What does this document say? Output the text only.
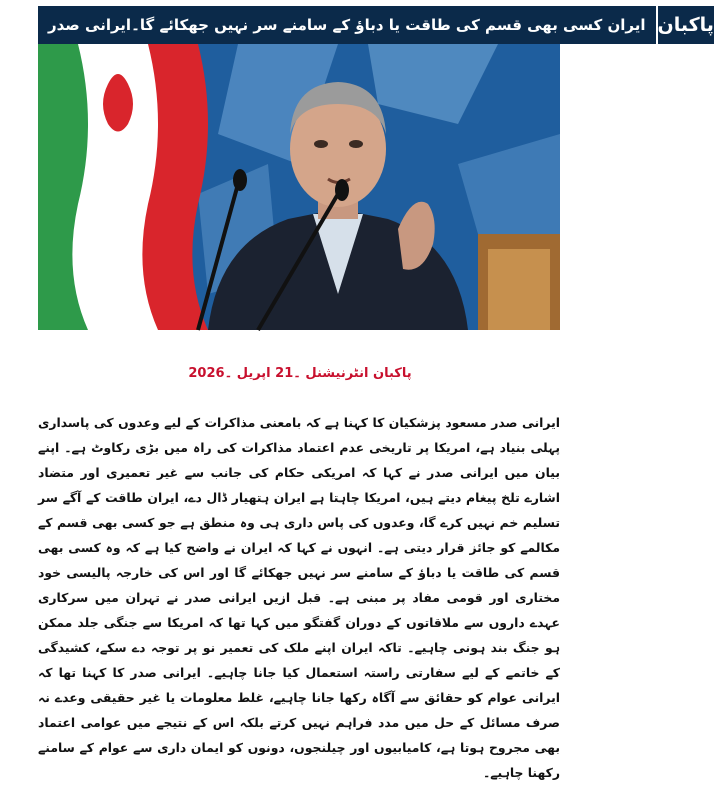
ایران کسی بھی قسم کی طاقت یا دباؤ کے سامنے سر نہیں جھکائے گا۔ایرانی صدر پاکبان
پاکبان انٹرنیشنل ۔21 اپریل ۔2026
ایرانی صدر مسعود پزشکیان کا کہنا ہے کہ بامعنی مذاکرات کے لیے وعدوں کی پاسداری پہلی بنیاد ہے، امریکا پر تاریخی عدم اعتماد مذاکرات کی راہ میں بڑی رکاوٹ ہے۔ اپنے بیان میں ایرانی صدر نے کہا کہ امریکی حکام کی جانب سے غیر تعمیری اور متضاد اشارے تلخ پیغام دیتے ہیں، امریکا چاہتا ہے ایران ہتھیار ڈال دے، ایران طاقت کے آگے سر تسلیم خم نہیں کرے گا، وعدوں کی پاس داری ہی وہ منطق ہے جو کسی بھی قسم کے مکالمے کو جائز قرار دیتی ہے۔ انہوں نے کہا کہ ایران نے واضح کیا ہے کہ وہ کسی بھی قسم کی طاقت یا دباؤ کے سامنے سر نہیں جھکائے گا اور اس کی خارجہ پالیسی خود مختاری اور قومی مفاد پر مبنی ہے۔ قبل ازیں ایرانی صدر نے تہران میں سرکاری عہدے داروں سے ملاقاتوں کے دوران گفتگو میں کہا تھا کہ امریکا سے جنگی جلد ممکن ہو جنگ بند ہونی چاہیے۔ تاکہ ایران اپنے ملک کی تعمیر نو پر توجہ دے سکے، کشیدگی کے خاتمے کے لیے سفارتی راستہ استعمال کیا جانا چاہیے۔ ایرانی صدر کا کہنا تھا کہ ایرانی عوام کو حقائق سے آگاہ رکھا جانا چاہیے، غلط معلومات یا غیر حقیقی وعدے نہ صرف مسائل کے حل میں مدد فراہم نہیں کرتے بلکہ اس کے نتیجے میں عوامی اعتماد بھی مجروح ہوتا ہے، کامیابیوں اور چیلنجوں، دونوں کو ایمان داری سے عوام کے سامنے رکھنا چاہیے۔
